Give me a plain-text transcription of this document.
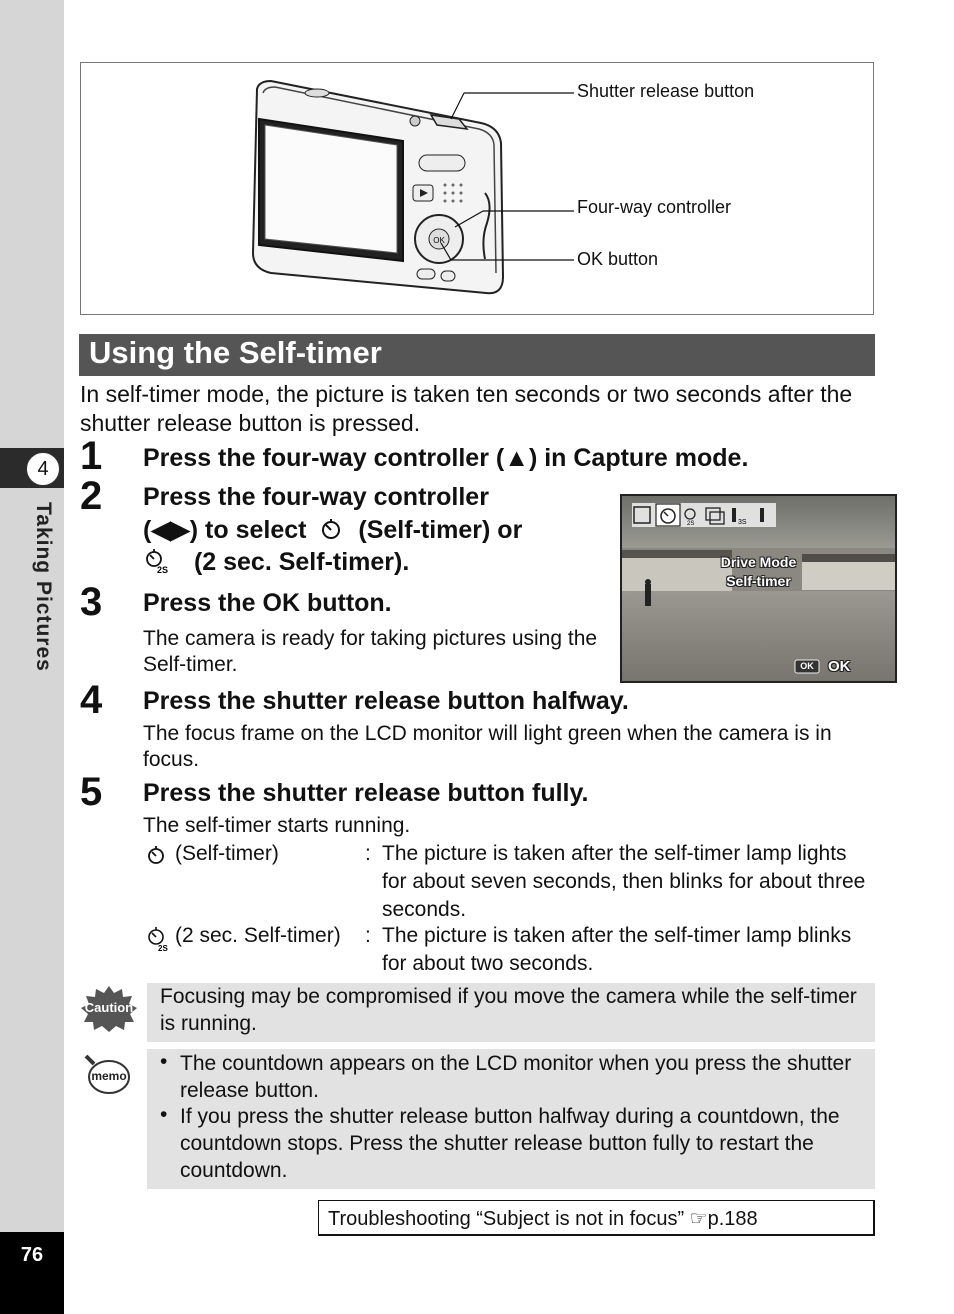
4
Taking Pictures
76
OK
Shutter release button
Four-way controller
OK button
Using the Self-timer
In self-timer mode, the picture is taken ten seconds or two seconds after the shutter release button is pressed.
1 Press the four-way controller (▲) in Capture mode.
2 Press the four-way controller
(◀▶) to select (Self-timer) or
2S (2 sec. Self-timer).
2S	3S
Drive Mode
Self-timer
OK OK
3 Press the OK button.
The camera is ready for taking pictures using the Self-timer.
4 Press the shutter release button halfway.
The focus frame on the LCD monitor will light green when the camera is in focus.
5 Press the shutter release button fully.
The self-timer starts running.
(Self-timer)	: The picture is taken after the self-timer lamp lights for about seven seconds, then blinks for about three seconds.
2S
(2 sec. Self-timer) : The picture is taken after the self-timer lamp blinks for about two seconds.
Caution Focusing may be compromised if you move the camera while the self-timer is running.
memo
• The countdown appears on the LCD monitor when you press the shutter release button.
• If you press the shutter release button halfway during a countdown, the countdown stops. Press the shutter release button fully to restart the countdown.
Troubleshooting “Subject is not in focus” ☞p.188
